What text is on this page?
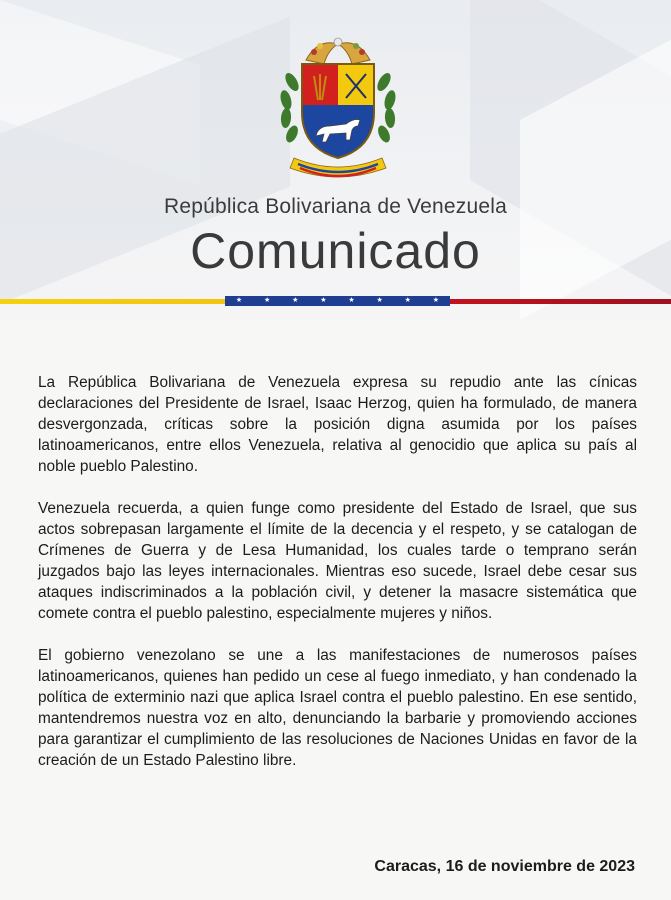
República Bolivariana de Venezuela
Comunicado
★	★	★	★	★	★	★	★

La República Bolivariana de Venezuela expresa su repudio ante las cínicas declaraciones del Presidente de Israel, Isaac Herzog, quien ha formulado, de manera desvergonzada, críticas sobre la posición digna asumida por los países latinoamericanos, entre ellos Venezuela, relativa al genocidio que aplica su país al noble pueblo Palestino.

Venezuela recuerda, a quien funge como presidente del Estado de Israel, que sus actos sobrepasan largamente el límite de la decencia y el respeto, y se catalogan de Crímenes de Guerra y de Lesa Humanidad, los cuales tarde o temprano serán juzgados bajo las leyes internacionales. Mientras eso sucede, Israel debe cesar sus ataques indiscriminados a la población civil, y detener la masacre sistemática que comete contra el pueblo palestino, especialmente mujeres y niños.

El gobierno venezolano se une a las manifestaciones de numerosos países latinoamericanos, quienes han pedido un cese al fuego inmediato, y han condenado la política de exterminio nazi que aplica Israel contra el pueblo palestino. En ese sentido, mantendremos nuestra voz en alto, denunciando la barbarie y promoviendo acciones para garantizar el cumplimiento de las resoluciones de Naciones Unidas en favor de la creación de un Estado Palestino libre.

Caracas, 16 de noviembre de 2023
